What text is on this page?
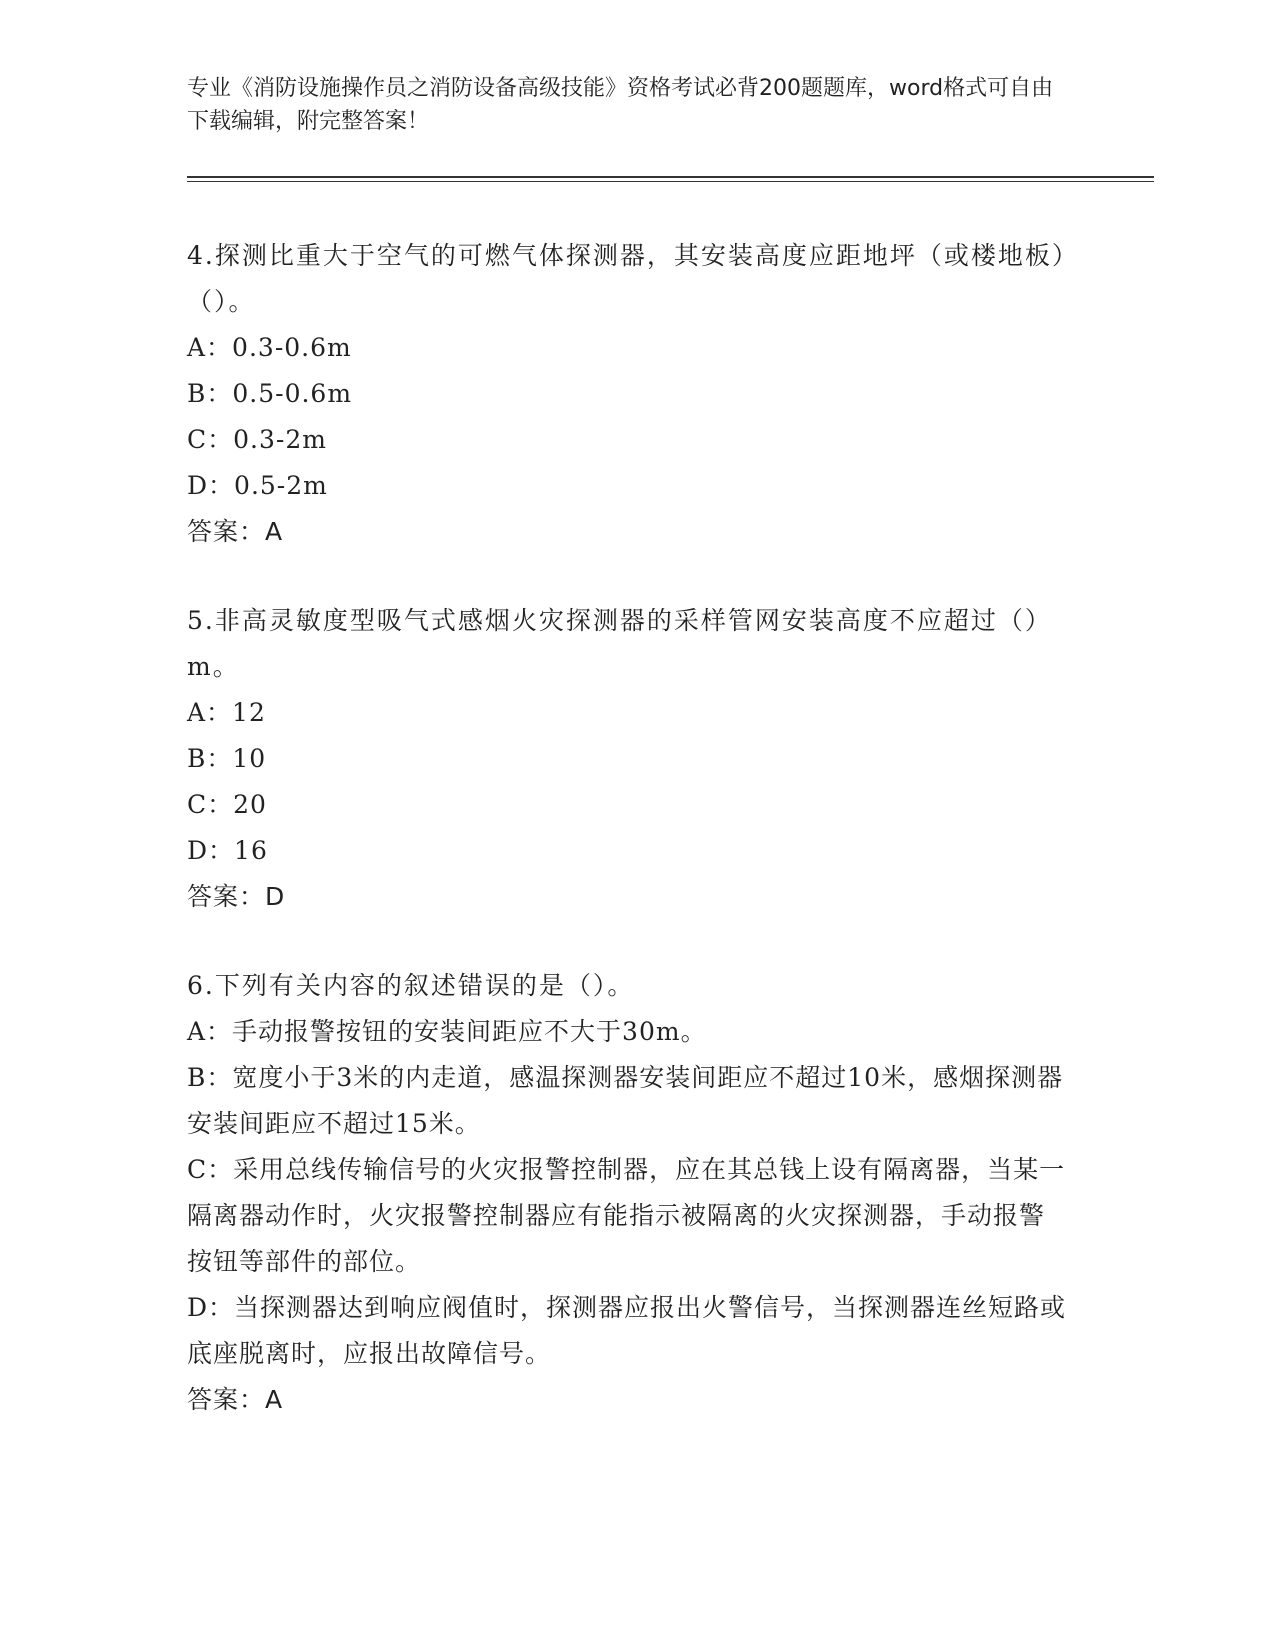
专业《消防设施操作员之消防设备高级技能》资格考试必背200题题库，word格式可自由下载编辑，附完整答案！
4.探测比重大于空气的可燃气体探测器，其安装高度应距地坪（或楼地板）（）。
A：0.3-0.6m
B：0.5-0.6m
C：0.3-2m
D：0.5-2m
答案：A
5.非高灵敏度型吸气式感烟火灾探测器的采样管网安装高度不应超过（）m。
A：12
B：10
C：20
D：16
答案：D
6.下列有关内容的叙述错误的是（）。
A：手动报警按钮的安装间距应不大于30m。
B：宽度小于3米的内走道，感温探测器安装间距应不超过10米，感烟探测器安装间距应不超过15米。
C：采用总线传输信号的火灾报警控制器，应在其总钱上设有隔离器，当某一隔离器动作时，火灾报警控制器应有能指示被隔离的火灾探测器，手动报警按钮等部件的部位。
D：当探测器达到响应阀值时，探测器应报出火警信号，当探测器连丝短路或底座脱离时，应报出故障信号。
答案：A
